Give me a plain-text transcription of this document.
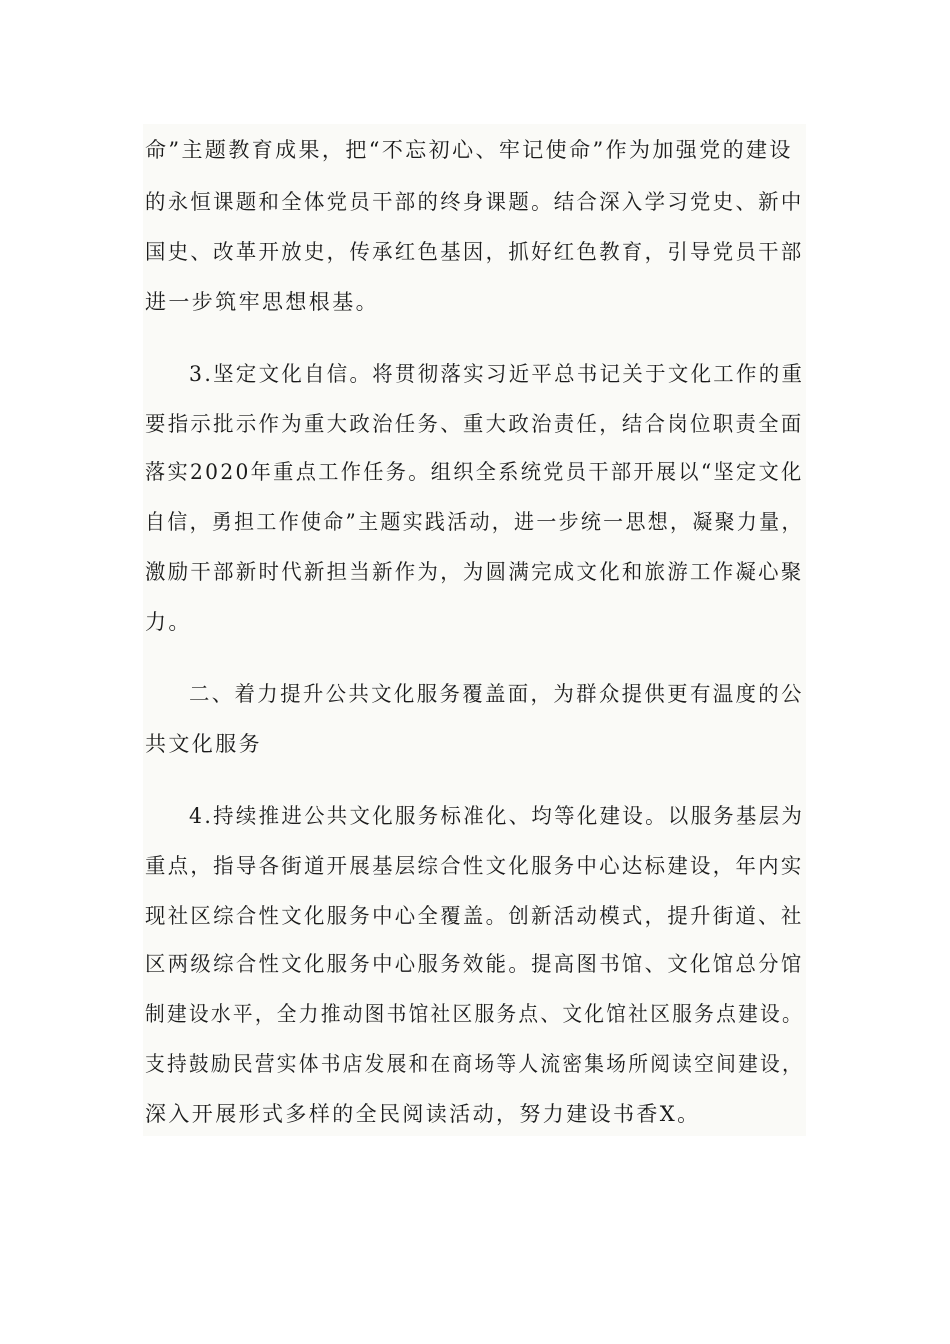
命”主题教育成果，把“不忘初心、牢记使命”作为加强党的建设
的永恒课题和全体党员干部的终身课题。结合深入学习党史、新中
国史、改革开放史，传承红色基因，抓好红色教育，引导党员干部
进一步筑牢思想根基。
3.坚定文化自信。将贯彻落实习近平总书记关于文化工作的重
要指示批示作为重大政治任务、重大政治责任，结合岗位职责全面
落实2020年重点工作任务。组织全系统党员干部开展以“坚定文化
自信，勇担工作使命”主题实践活动，进一步统一思想，凝聚力量，
激励干部新时代新担当新作为，为圆满完成文化和旅游工作凝心聚
力。
二、着力提升公共文化服务覆盖面，为群众提供更有温度的公
共文化服务
4.持续推进公共文化服务标准化、均等化建设。以服务基层为
重点，指导各街道开展基层综合性文化服务中心达标建设，年内实
现社区综合性文化服务中心全覆盖。创新活动模式，提升街道、社
区两级综合性文化服务中心服务效能。提高图书馆、文化馆总分馆
制建设水平，全力推动图书馆社区服务点、文化馆社区服务点建设。
支持鼓励民营实体书店发展和在商场等人流密集场所阅读空间建设，
深入开展形式多样的全民阅读活动，努力建设书香X。
